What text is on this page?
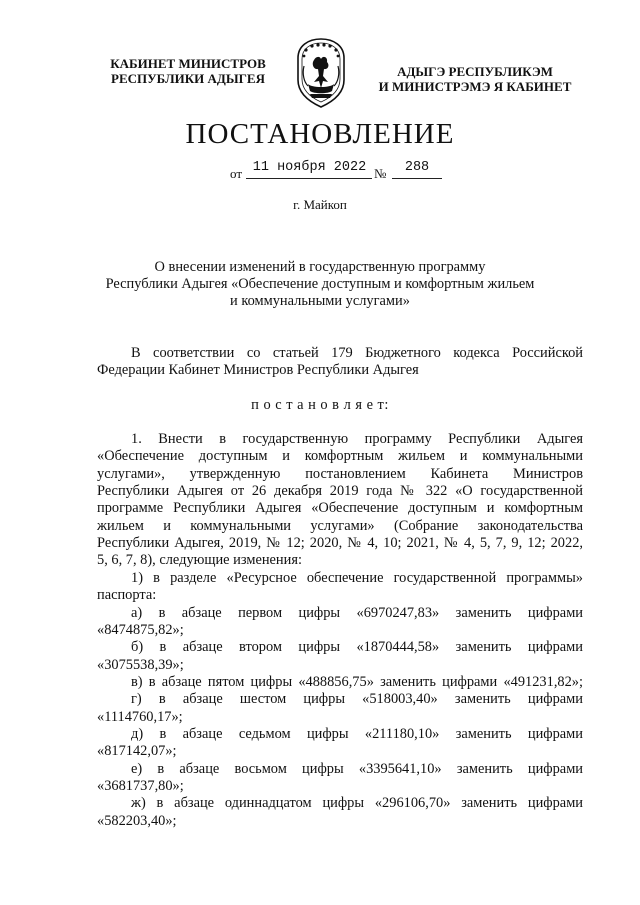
КАБИНЕТ МИНИСТРОВ
РЕСПУБЛИКИ АДЫГЕЯ	АДЫГЭ РЕСПУБЛИКЭМ
И МИНИСТРЭМЭ Я КАБИНЕТ
ПОСТАНОВЛЕНИЕ
от 11 ноября 2022 №	288
г. Майкоп
О внесении изменений в государственную программу
Республики Адыгея «Обеспечение доступным и комфортным жильем
и коммунальными услугами»
В соответствии со статьей 179 Бюджетного кодекса Российской
Федерации Кабинет Министров Республики Адыгея
п о с т а н о в л я е т:
1. Внести в государственную программу Республики Адыгея
«Обеспечение доступным и комфортным жильем и коммунальными
услугами», утвержденную постановлением Кабинета Министров
Республики Адыгея от 26 декабря 2019 года № 322 «О государственной
программе Республики Адыгея «Обеспечение доступным и комфортным
жильем и коммунальными услугами» (Собрание законодательства
Республики Адыгея, 2019, № 12; 2020, № 4, 10; 2021, № 4, 5, 7, 9, 12; 2022,
5, 6, 7, 8), следующие изменения:
1) в разделе «Ресурсное обеспечение государственной программы»
паспорта:
а) в абзаце первом цифры «6970247,83» заменить цифрами
«8474875,82»;
б) в абзаце втором цифры «1870444,58» заменить цифрами
«3075538,39»;
в) в абзаце пятом цифры «488856,75» заменить цифрами «491231,82»;
г) в абзаце шестом цифры «518003,40» заменить цифрами
«1114760,17»;
д) в абзаце седьмом цифры «211180,10» заменить цифрами
«817142,07»;
е) в абзаце восьмом цифры «3395641,10» заменить цифрами
«3681737,80»;
ж) в абзаце одиннадцатом цифры «296106,70» заменить цифрами
«582203,40»;
